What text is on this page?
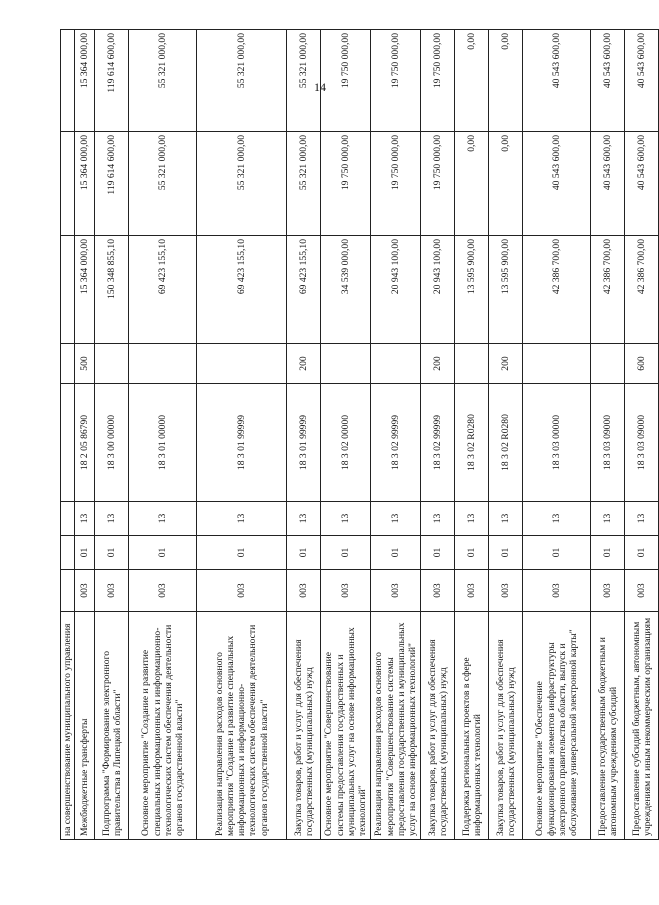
14
на совершенствование муниципального управления								
Межбюджетные трансферты	003	01	13	18 2 05 86790	500	15 364 000,00	15 364 000,00	15 364 000,00
Подпрограмма "Формирование электронного правительства в Липецкой области"	003	01	13	18 3 00 00000		150 348 855,10	119 614 600,00	119 614 600,00
Основное мероприятие "Создание и развитие специальных информационных и информационно-технологических систем обеспечения деятельности органов государственной власти"	003	01	13	18 3 01 00000		69 423 155,10	55 321 000,00	55 321 000,00
Реализация направления расходов основного мероприятия "Создание и развитие специальных информационных и информационно-технологических систем обеспечения деятельности органов государственной власти"	003	01	13	18 3 01 99999		69 423 155,10	55 321 000,00	55 321 000,00
Закупка товаров, работ и услуг для обеспечения государственных (муниципальных) нужд	003	01	13	18 3 01 99999	200	69 423 155,10	55 321 000,00	55 321 000,00
Основное мероприятие "Совершенствование системы предоставления государственных и муниципальных услуг на основе информационных технологий"	003	01	13	18 3 02 00000		34 539 000,00	19 750 000,00	19 750 000,00
Реализация направления расходов основного мероприятия "Совершенствование системы предоставления государственных и муниципальных услуг на основе информационных технологий"	003	01	13	18 3 02 99999		20 943 100,00	19 750 000,00	19 750 000,00
Закупка товаров, работ и услуг для обеспечения государственных (муниципальных) нужд	003	01	13	18 3 02 99999	200	20 943 100,00	19 750 000,00	19 750 000,00
Поддержка региональных проектов в сфере информационных технологий	003	01	13	18 3 02 R0280		13 595 900,00	0,00	0,00
Закупка товаров, работ и услуг для обеспечения государственных (муниципальных) нужд	003	01	13	18 3 02 R0280	200	13 595 900,00	0,00	0,00
Основное мероприятие "Обеспечение функционирования элементов инфраструктуры электронного правительства области, выпуск и обслуживание универсальной электронной карты"	003	01	13	18 3 03 00000		42 386 700,00	40 543 600,00	40 543 600,00
Предоставление государственным бюджетным и автономным учреждениям субсидий	003	01	13	18 3 03 09000		42 386 700,00	40 543 600,00	40 543 600,00
Предоставление субсидий бюджетным, автономным учреждениям и иным некоммерческим организациям	003	01	13	18 3 03 09000	600	42 386 700,00	40 543 600,00	40 543 600,00
